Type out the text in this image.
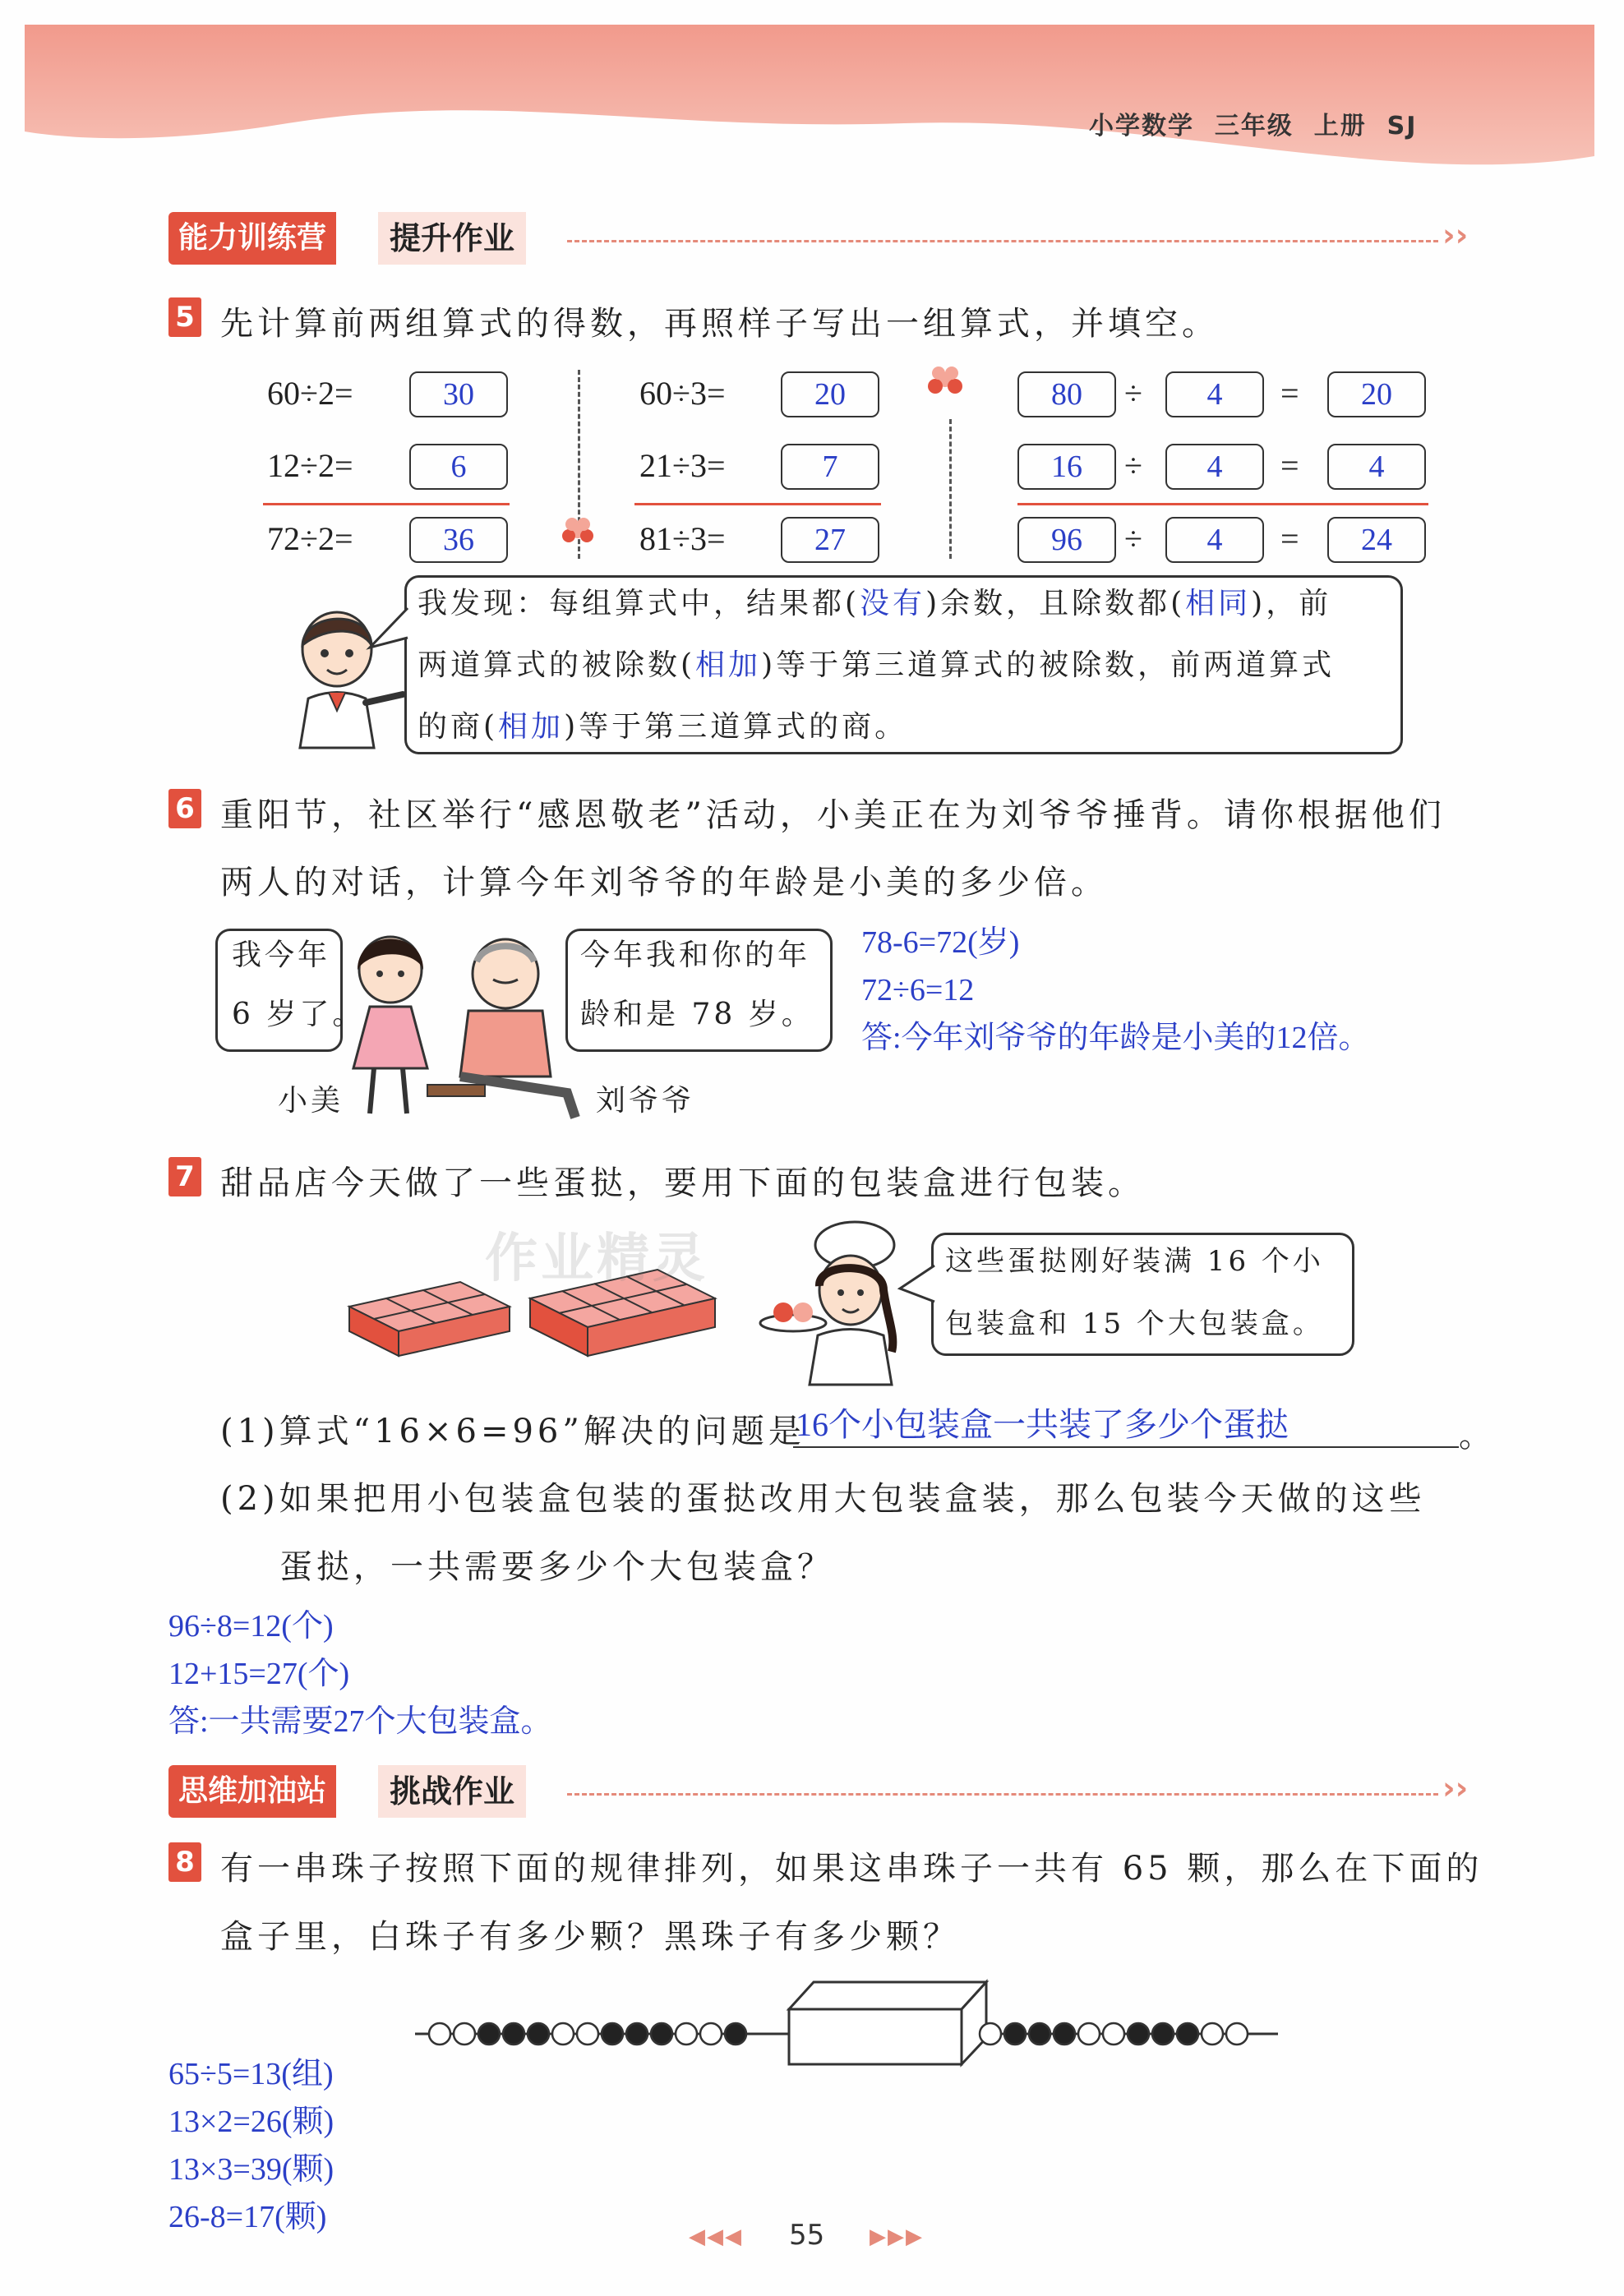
小学数学 三年级 上册 SJ
能力训练营	提升作业	››
5 先计算前两组算式的得数，再照样子写出一组算式，并填空。
60÷2=	30
12÷2=	6
72÷2=	36
60÷3=	20
21÷3=	7
81÷3=	27
80	÷	4	=	20
16	÷	4	=	4
96	÷	4	=	24
我发现：每组算式中，结果都(没有)余数，且除数都(相同)，前
两道算式的被除数(相加)等于第三道算式的被除数，前两道算式
的商(相加)等于第三道算式的商。
6 重阳节，社区举行“感恩敬老”活动，小美正在为刘爷爷捶背。请你根据他们
两人的对话，计算今年刘爷爷的年龄是小美的多少倍。
我今年
6 岁了。
今年我和你的年
龄和是 78 岁。
小美	刘爷爷
78-6=72(岁)
72÷6=12
答:今年刘爷爷的年龄是小美的12倍。
7 甜品店今天做了一些蛋挞，要用下面的包装盒进行包装。
作业精灵	这些蛋挞刚好装满 16 个小
包装盒和 15 个大包装盒。
(1)算式“16×6=96”解决的问题是
16个小包装盒一共装了多少个蛋挞	。
(2)如果把用小包装盒包装的蛋挞改用大包装盒装，那么包装今天做的这些
蛋挞，一共需要多少个大包装盒？
96÷8=12(个)
12+15=27(个)
答:一共需要27个大包装盒。
思维加油站	挑战作业	››
8 有一串珠子按照下面的规律排列，如果这串珠子一共有 65 颗，那么在下面的
盒子里，白珠子有多少颗？黑珠子有多少颗？
65÷5=13(组)
13×2=26(颗)
13×3=39(颗)
26-8=17(颗)
◀◀◀ 55 ▶▶▶
